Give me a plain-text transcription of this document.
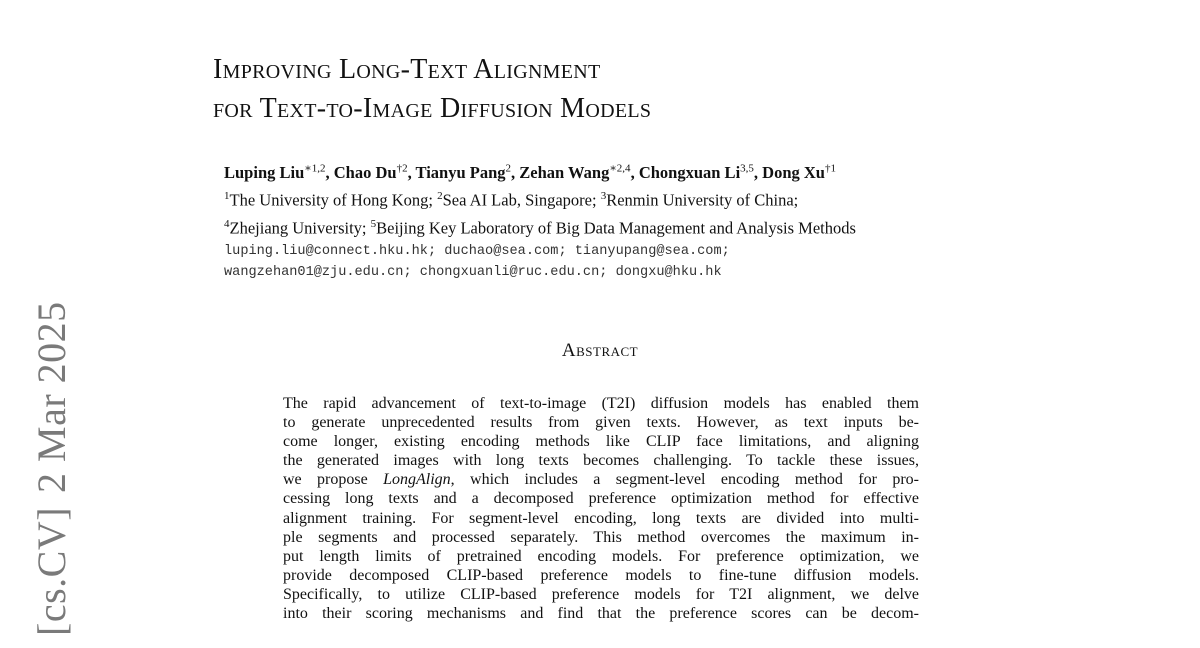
[cs.CV]2 Mar 2025
Improving Long-Text Alignment
for Text-to-Image Diffusion Models
Luping Liu$^{∗1,2}$, Chao Du$^{\dagger 2}$, Tianyu Pang$^2$, Zehan Wang$^{∗2,4}$, Chongxuan Li$^{3,5}$, Dong Xu$^{\dagger 1}$
$^1$The University of Hong Kong; $^2$Sea AI Lab, Singapore; $^3$Renmin University of China;
$^4$Zhejiang University; $^5$Beijing Key Laboratory of Big Data Management and Analysis Methods
luping.liu@connect.hku.hk; duchao@sea.com; tianyupang@sea.com;
wangzehan01@zju.edu.cn; chongxuanli@ruc.edu.cn; dongxu@hku.hk
Abstract
The rapid advancement of text-to-image (T2I) diffusion models has enabled them
to generate unprecedented results from given texts. However, as text inputs be-
come longer, existing encoding methods like CLIP face limitations, and aligning
the generated images with long texts becomes challenging. To tackle these issues,
we propose LongAlign, which includes a segment-level encoding method for pro-
cessing long texts and a decomposed preference optimization method for effective
alignment training. For segment-level encoding, long texts are divided into multi-
ple segments and processed separately. This method overcomes the maximum in-
put length limits of pretrained encoding models. For preference optimization, we
provide decomposed CLIP-based preference models to fine-tune diffusion models.
Specifically, to utilize CLIP-based preference models for T2I alignment, we delve
into their scoring mechanisms and find that the preference scores can be decom-
